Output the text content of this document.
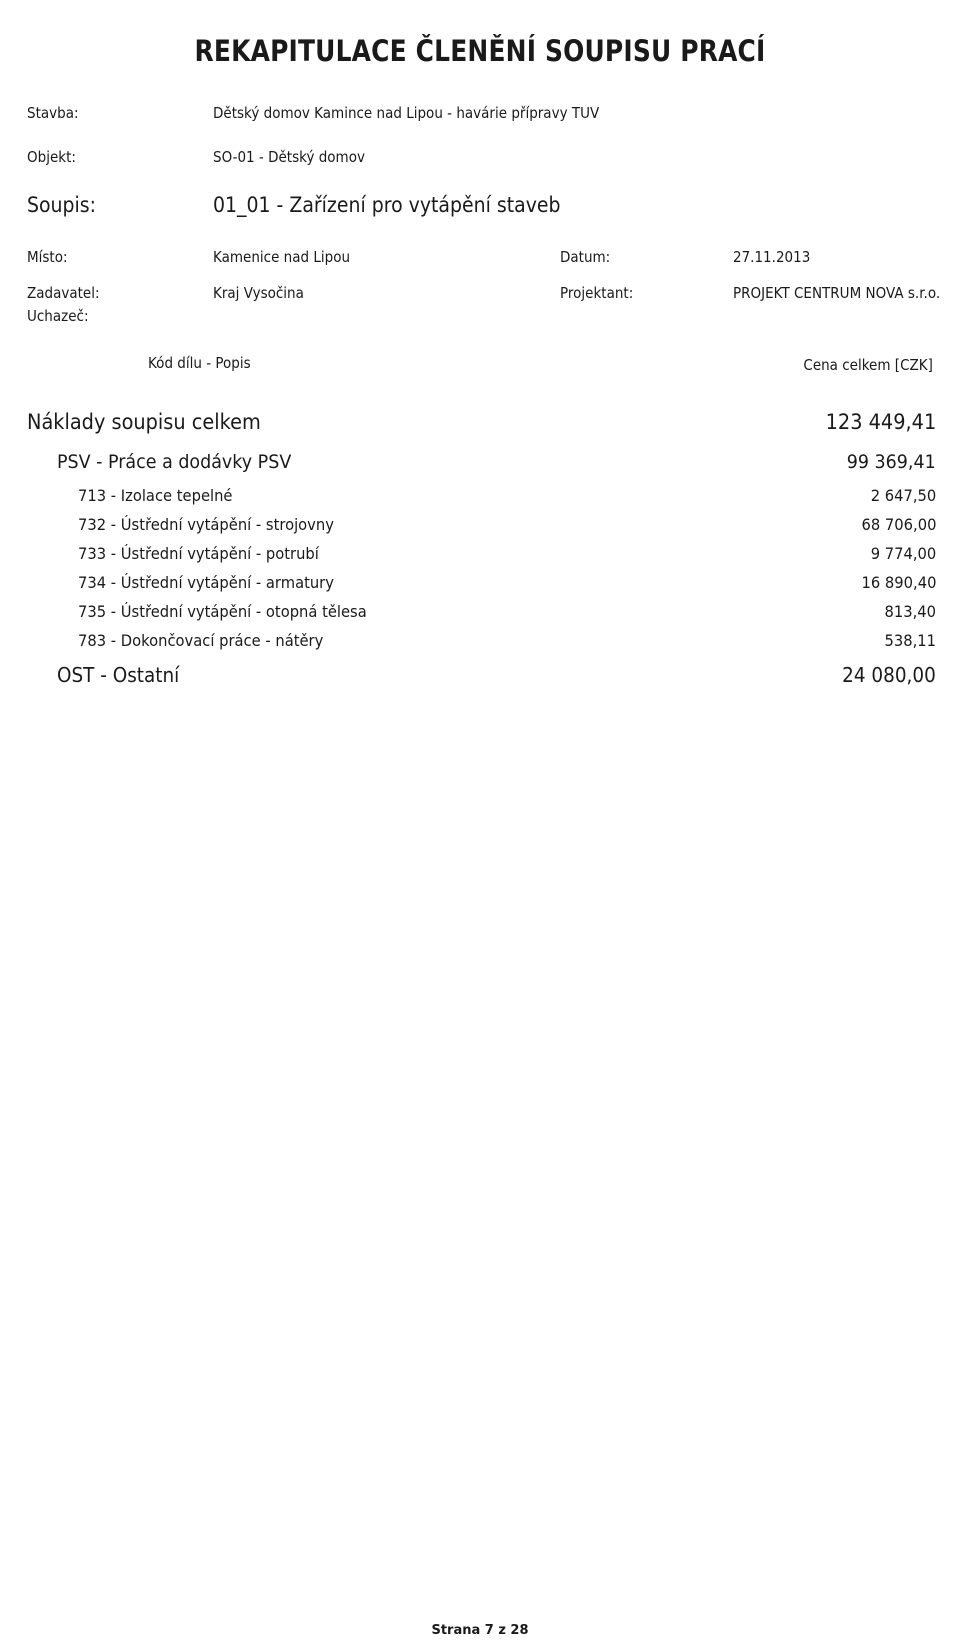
REKAPITULACE ČLENĚNÍ SOUPISU PRACÍ
Stavba:	Dětský domov Kamince nad Lipou - havárie přípravy TUV
Objekt:	SO-01 - Dětský domov
Soupis:	01_01 - Zařízení pro vytápění staveb
Místo:	Kamenice nad Lipou	Datum:	27.11.2013
Zadavatel:	Kraj Vysočina	Projektant:	PROJEKT CENTRUM NOVA s.r.o.
Uchazeč:
Kód dílu - Popis	Cena celkem [CZK]
Náklady soupisu celkem	123 449,41
PSV - Práce a dodávky PSV	99 369,41
713 - Izolace tepelné	2 647,50
732 - Ústřední vytápění - strojovny	68 706,00
733 - Ústřední vytápění - potrubí	9 774,00
734 - Ústřední vytápění - armatury	16 890,40
735 - Ústřední vytápění - otopná tělesa	813,40
783 - Dokončovací práce - nátěry	538,11
OST - Ostatní	24 080,00
Strana 7 z 28
